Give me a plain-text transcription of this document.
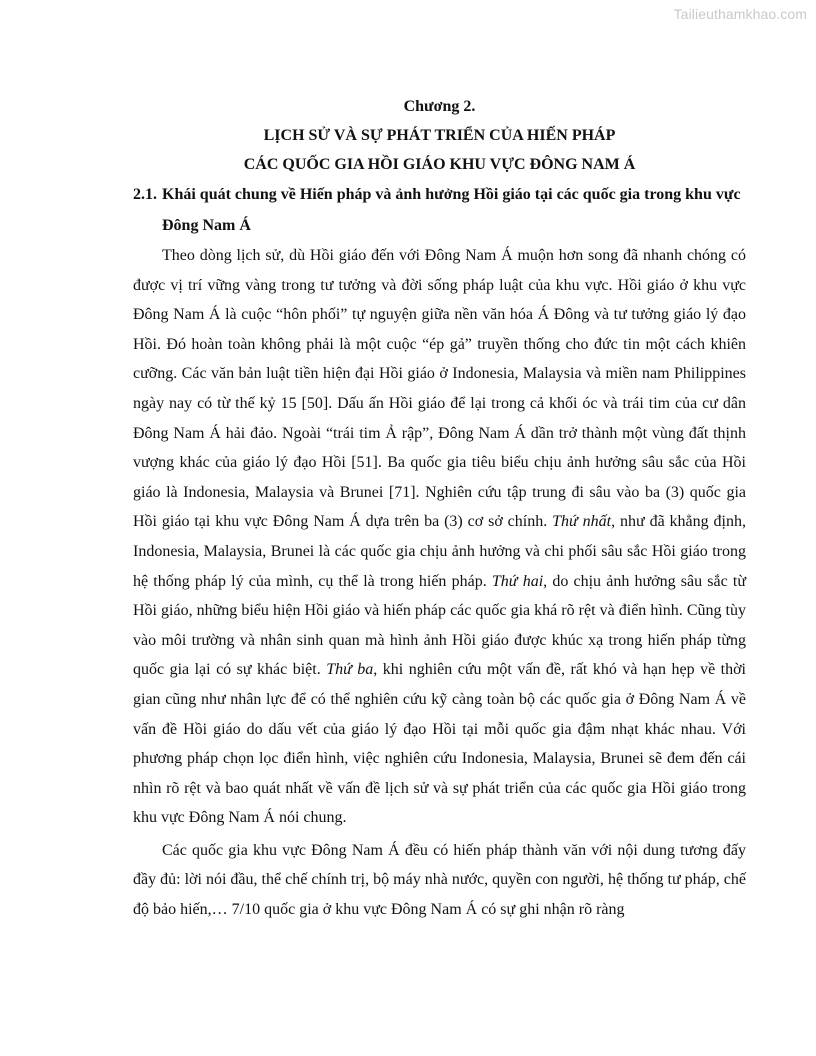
Tailieuthamkhao.com

Chương 2.

LỊCH SỬ VÀ SỰ PHÁT TRIỂN CỦA HIẾN PHÁP

CÁC QUỐC GIA HỒI GIÁO KHU VỰC ĐÔNG NAM Á

2.1. Khái quát chung về Hiến pháp và ảnh hưởng Hồi giáo tại các quốc gia trong khu vực Đông Nam Á

Theo dòng lịch sử, dù Hồi giáo đến với Đông Nam Á muộn hơn song đã nhanh chóng có được vị trí vững vàng trong tư tưởng và đời sống pháp luật của khu vực. Hồi giáo ở khu vực Đông Nam Á là cuộc “hôn phối” tự nguyện giữa nền văn hóa Á Đông và tư tưởng giáo lý đạo Hồi. Đó hoàn toàn không phải là một cuộc “ép gả” truyền thống cho đức tin một cách khiên cưỡng. Các văn bản luật tiền hiện đại Hồi giáo ở Indonesia, Malaysia và miền nam Philippines ngày nay có từ thế kỷ 15 [50]. Dấu ấn Hồi giáo để lại trong cả khối óc và trái tim của cư dân Đông Nam Á hải đảo. Ngoài “trái tim Ả rập”, Đông Nam Á dần trở thành một vùng đất thịnh vượng khác của giáo lý đạo Hồi [51]. Ba quốc gia tiêu biểu chịu ảnh hưởng sâu sắc của Hồi giáo là Indonesia, Malaysia và Brunei [71]. Nghiên cứu tập trung đi sâu vào ba (3) quốc gia Hồi giáo tại khu vực Đông Nam Á dựa trên ba (3) cơ sở chính. Thứ nhất, như đã khẳng định, Indonesia, Malaysia, Brunei là các quốc gia chịu ảnh hưởng và chi phối sâu sắc Hồi giáo trong hệ thống pháp lý của mình, cụ thể là trong hiến pháp. Thứ hai, do chịu ảnh hưởng sâu sắc từ Hồi giáo, những biểu hiện Hồi giáo và hiến pháp các quốc gia khá rõ rệt và điển hình. Cũng tùy vào môi trường và nhân sinh quan mà hình ảnh Hồi giáo được khúc xạ trong hiến pháp từng quốc gia lại có sự khác biệt. Thứ ba, khi nghiên cứu một vấn đề, rất khó và hạn hẹp về thời gian cũng như nhân lực để có thể nghiên cứu kỹ càng toàn bộ các quốc gia ở Đông Nam Á về vấn đề Hồi giáo do dấu vết của giáo lý đạo Hồi tại mỗi quốc gia đậm nhạt khác nhau. Với phương pháp chọn lọc điển hình, việc nghiên cứu Indonesia, Malaysia, Brunei sẽ đem đến cái nhìn rõ rệt và bao quát nhất về vấn đề lịch sử và sự phát triển của các quốc gia Hồi giáo trong khu vực Đông Nam Á nói chung.

Các quốc gia khu vực Đông Nam Á đều có hiến pháp thành văn với nội dung tương đấy đầy đủ: lời nói đầu, thể chế chính trị, bộ máy nhà nước, quyền con người, hệ thống tư pháp, chế độ bảo hiến,… 7/10 quốc gia ở khu vực Đông Nam Á có sự ghi nhận rõ ràng
